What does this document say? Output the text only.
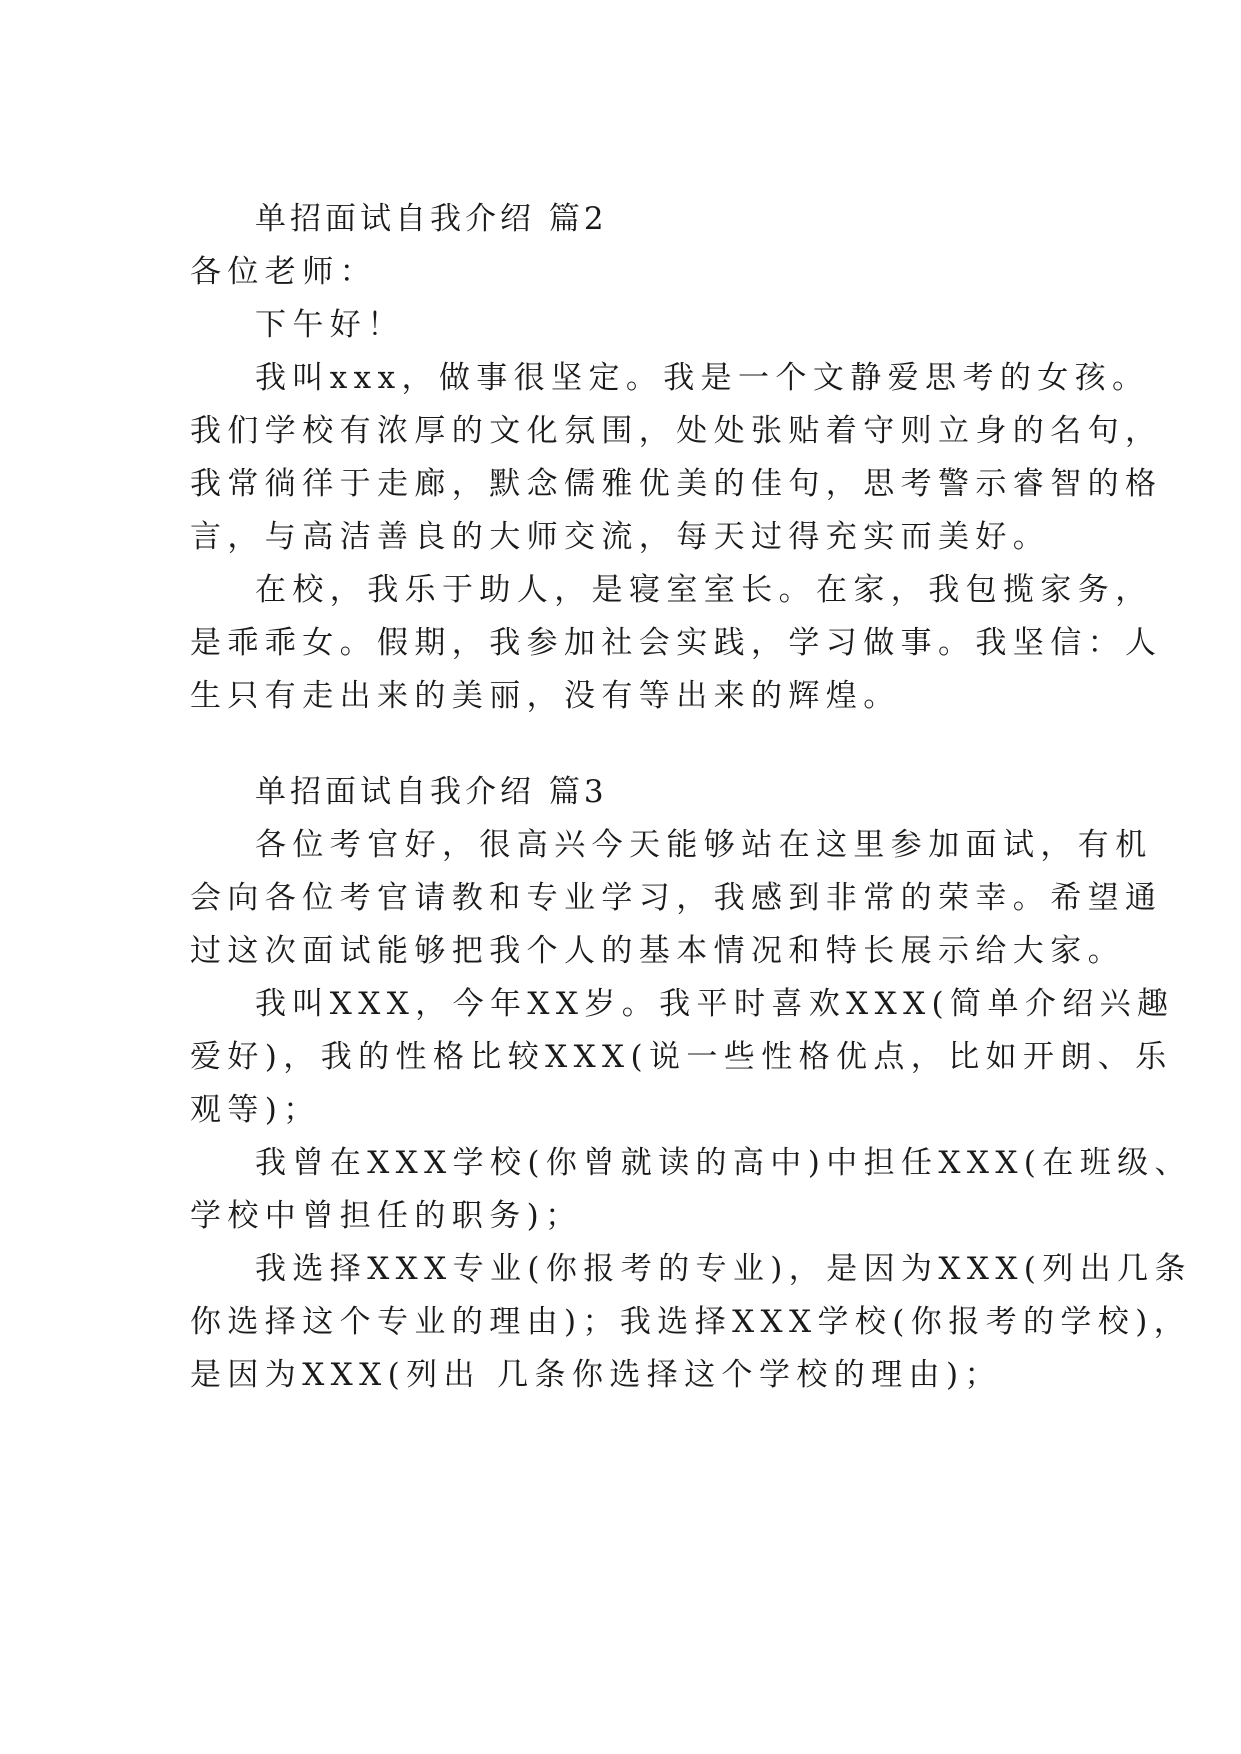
单招面试自我介绍 篇2
各位老师：
下午好！
我叫xxx，做事很坚定。我是一个文静爱思考的女孩。
我们学校有浓厚的文化氛围，处处张贴着守则立身的名句，
我常徜徉于走廊，默念儒雅优美的佳句，思考警示睿智的格
言，与高洁善良的大师交流，每天过得充实而美好。
在校，我乐于助人，是寝室室长。在家，我包揽家务，
是乖乖女。假期，我参加社会实践，学习做事。我坚信：人
生只有走出来的美丽，没有等出来的辉煌。
单招面试自我介绍 篇3
各位考官好，很高兴今天能够站在这里参加面试，有机
会向各位考官请教和专业学习，我感到非常的荣幸。希望通
过这次面试能够把我个人的基本情况和特长展示给大家。
我叫XXX，今年XX岁。我平时喜欢XXX(简单介绍兴趣
爱好)，我的性格比较XXX(说一些性格优点，比如开朗、乐
观等)；
我曾在XXX学校(你曾就读的高中)中担任XXX(在班级、
学校中曾担任的职务)；
我选择XXX专业(你报考的专业)，是因为XXX(列出几条
你选择这个专业的理由)；我选择XXX学校(你报考的学校)，
是因为XXX(列出 几条你选择这个学校的理由)；
